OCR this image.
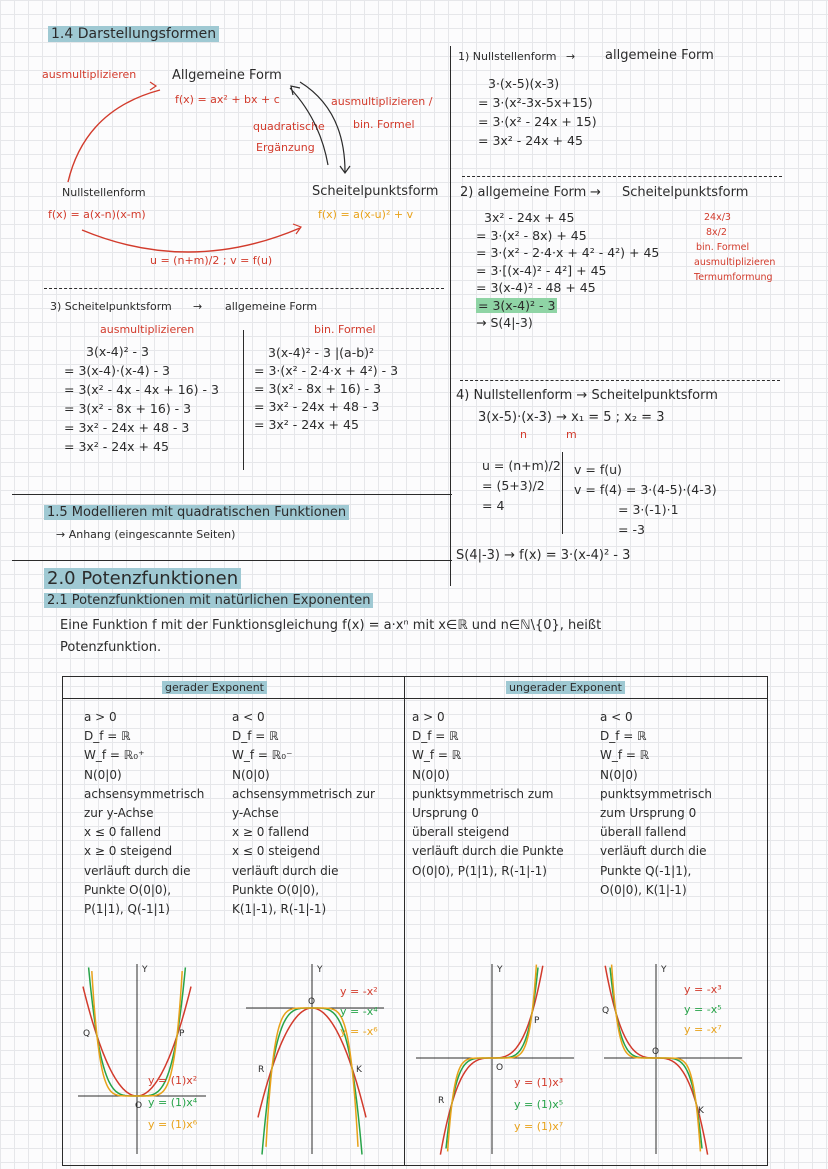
1.4 Darstellungsformen
ausmultiplizieren	Allgemeine Form
f(x) = ax² + bx + c	ausmultiplizieren /
bin. Formel
quadratische
Ergänzung
Nullstellenform
f(x) = a(x-n)(x-m)
Scheitelpunktsform
f(x) = a(x-u)² + v
u = (n+m)/2 ; v = f(u)
1) Nullstellenform → allgemeine Form
3·(x-5)(x-3)
= 3·(x²-3x-5x+15)
= 3·(x² - 24x + 15)
= 3x² - 24x + 45
2) allgemeine Form → Scheitelpunktsform
3x² - 24x + 45
= 3·(x² - 8x) + 45
= 3·(x² - 2·4·x + 4² - 4²) + 45
= 3·[(x-4)² - 4²] + 45
= 3(x-4)² - 48 + 45
= 3(x-4)² - 3
→ S(4|-3)
24x/3
8x/2
bin. Formel
ausmultiplizieren
Termumformung
3) Scheitelpunktsform → allgemeine Form
ausmultiplizieren	bin. Formel
3(x-4)² - 3
= 3(x-4)·(x-4) - 3
= 3(x² - 4x - 4x + 16) - 3
= 3(x² - 8x + 16) - 3
= 3x² - 24x + 48 - 3
= 3x² - 24x + 45
3(x-4)² - 3 |(a-b)²
= 3·(x² - 2·4·x + 4²) - 3
= 3(x² - 8x + 16) - 3
= 3x² - 24x + 48 - 3
= 3x² - 24x + 45
4) Nullstellenform → Scheitelpunktsform
3(x-5)·(x-3) → x₁ = 5 ; x₂ = 3
n	m
u = (n+m)/2
= (5+3)/2
= 4
v = f(u)
v = f(4) = 3·(4-5)·(4-3)
= 3·(-1)·1
= -3
S(4|-3) → f(x) = 3·(x-4)² - 3
1.5 Modellieren mit quadratischen Funktionen
→ Anhang (eingescannte Seiten)
2.0 Potenzfunktionen
2.1 Potenzfunktionen mit natürlichen Exponenten
Eine Funktion f mit der Funktionsgleichung f(x) = a·xⁿ mit x∈ℝ und n∈ℕ\{0}, heißt
Potenzfunktion.
gerader Exponent	ungerader Exponent
a > 0
D_f = ℝ
W_f = ℝ₀⁺
N(0|0)
achsensymmetrisch
zur y-Achse
x ≤ 0 fallend
x ≥ 0 steigend
verläuft durch die
Punkte O(0|0),
P(1|1), Q(-1|1)
a < 0
D_f = ℝ
W_f = ℝ₀⁻
N(0|0)
achsensymmetrisch zur
y-Achse
x ≥ 0 fallend
x ≤ 0 steigend
verläuft durch die
Punkte O(0|0),
K(1|-1), R(-1|-1)
a > 0
D_f = ℝ
W_f = ℝ
N(0|0)
punktsymmetrisch zum
Ursprung 0
überall steigend
verläuft durch die Punkte
O(0|0), P(1|1), R(-1|-1)
a < 0
D_f = ℝ
W_f = ℝ
N(0|0)
punktsymmetrisch
zum Ursprung 0
überall fallend
verläuft durch die
Punkte Q(-1|1),
O(0|0), K(1|-1)
P
Q
O
Y
K
R
O
Y
P
R
O
Y
K
Q
O
Y
y = (1)x²
y = (1)x⁴
y = (1)x⁶
y = -x²
y = -x⁴
y = -x⁶
y = (1)x³
y = (1)x⁵
y = (1)x⁷
y = -x³
y = -x⁵
y = -x⁷
